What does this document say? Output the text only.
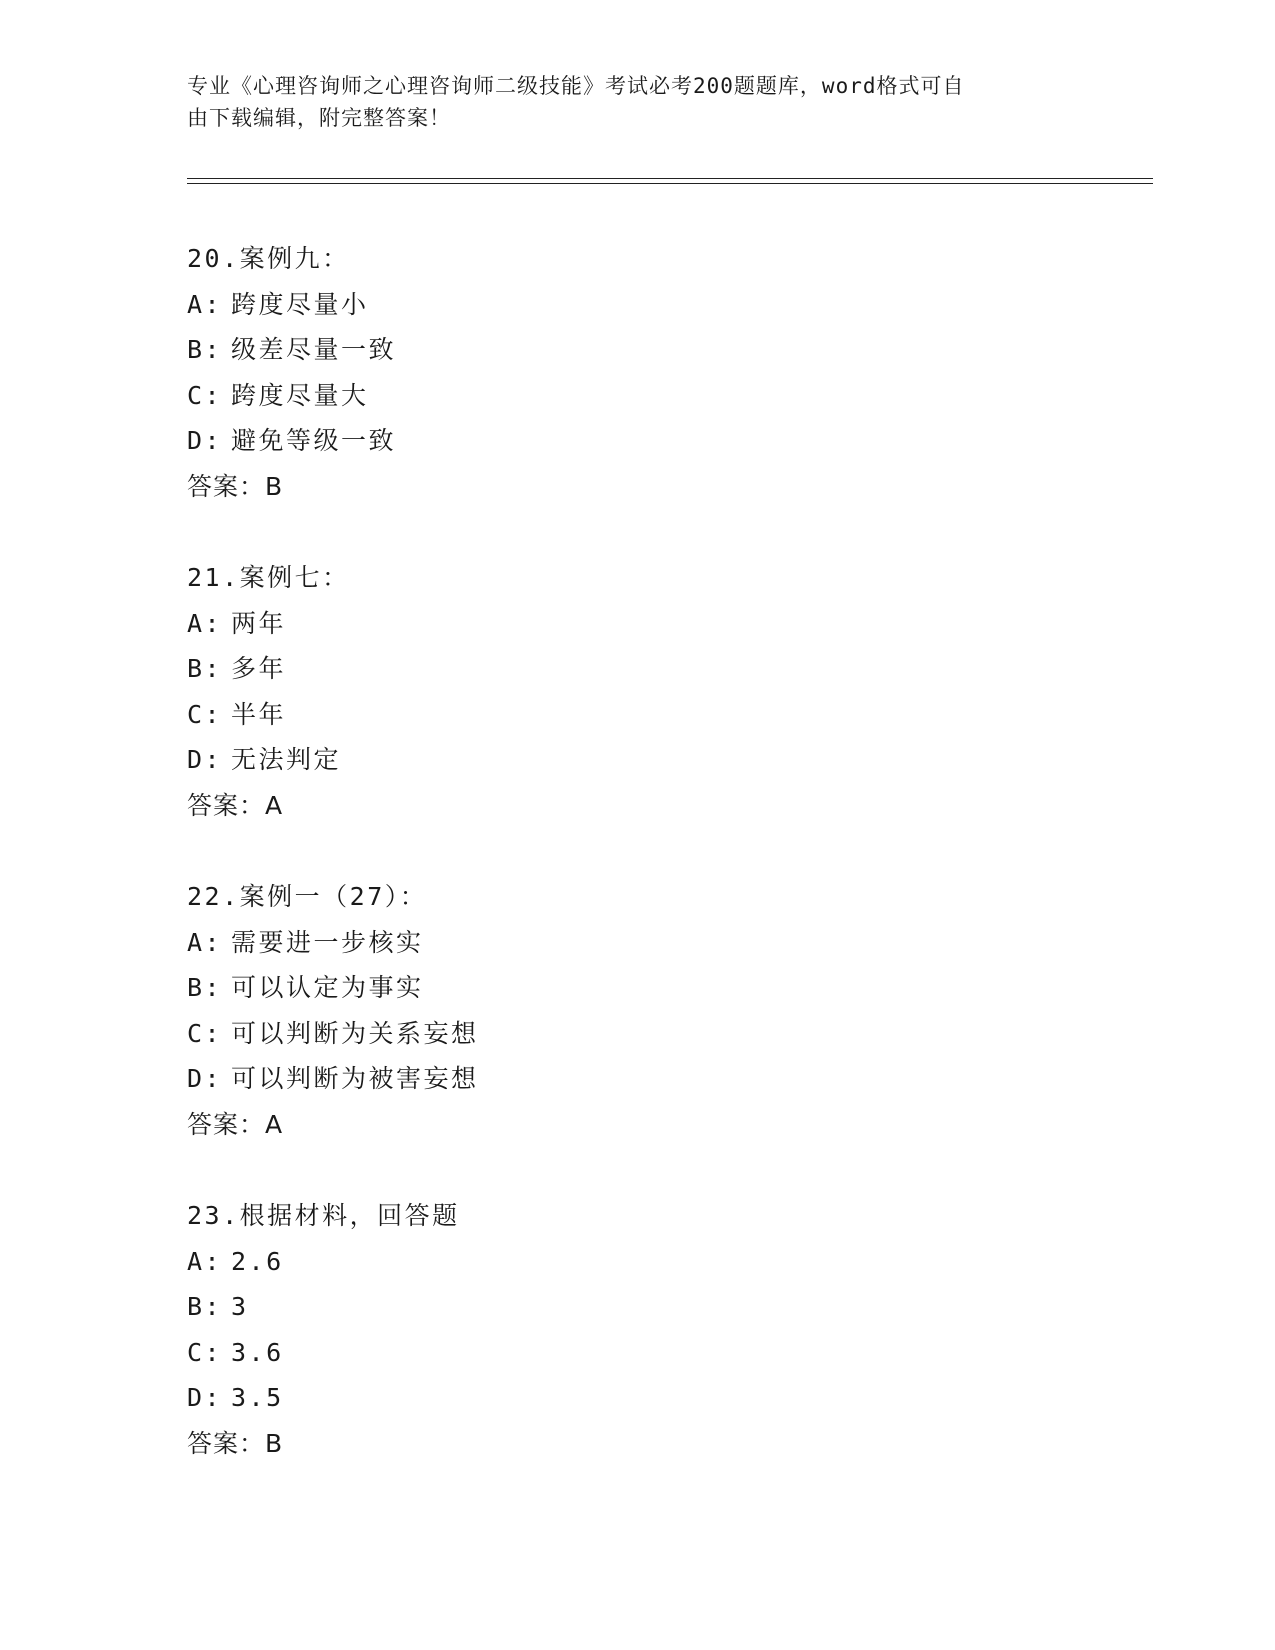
专业《心理咨询师之心理咨询师二级技能》考试必考200题题库，word格式可自
由下载编辑，附完整答案！
20.案例九：
A: 跨度尽量小
B: 级差尽量一致
C: 跨度尽量大
D: 避免等级一致
答案：B
21.案例七：
A: 两年
B: 多年
C: 半年
D: 无法判定
答案：A
22.案例一（27）：
A: 需要进一步核实
B: 可以认定为事实
C: 可以判断为关系妄想
D: 可以判断为被害妄想
答案：A
23.根据材料，回答题
A: 2.6
B: 3
C: 3.6
D: 3.5
答案：B
